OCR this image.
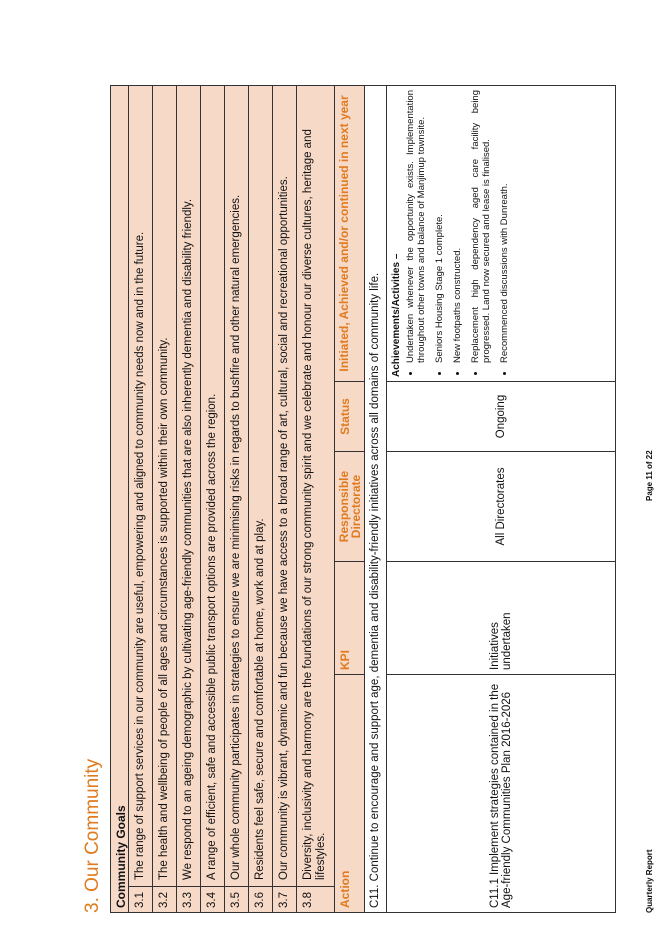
3. Our Community Community Goals 3.1
The range of support services in our community are useful, empowering and aligned to community needs now and in the future.
3.2
The health and wellbeing of people of all ages and circumstances is supported within their own community.
3.3
We respond to an ageing demographic by cultivating age-friendly communities that are also inherently dementia and disability friendly.
3.4
A range of efficient, safe and accessible public transport options are provided across the region.
3.5
Our whole community participates in strategies to ensure we are minimising risks in regards to bushfire and other natural emergencies.
3.6
Residents feel safe, secure and comfortable at home, work and at play.
3.7
Our community is vibrant, dynamic and fun because we have access to a broad range of art, cultural, social and recreational opportunities.
3.8
Diversity, inclusivity and harmony are the foundations of our strong community spirit and we celebrate and honour our diverse cultures, heritage and lifestyles.
Action
KPI
Responsible Directorate
Status
Initiated, Achieved and/or continued in next year
C11. Continue to encourage and support age, dementia and disability-friendly initiatives across all domains of community life.	C11.1 Implement strategies contained in the Age-friendly Communities Plan 2016-2026
Initiatives undertaken
All Directorates
Ongoing
Achievements/Activities – • Undertaken whenever the opportunity exists. Implementation throughout other towns and balance of Manjimup townsite. • Seniors Housing Stage 1 complete. • New footpaths constructed. • Replacement high dependency aged care facility being progressed. Land now secured and lease is finalised. • Recommenced discussions with Dunreath.
Quarterly Report
Page 11 of 22
